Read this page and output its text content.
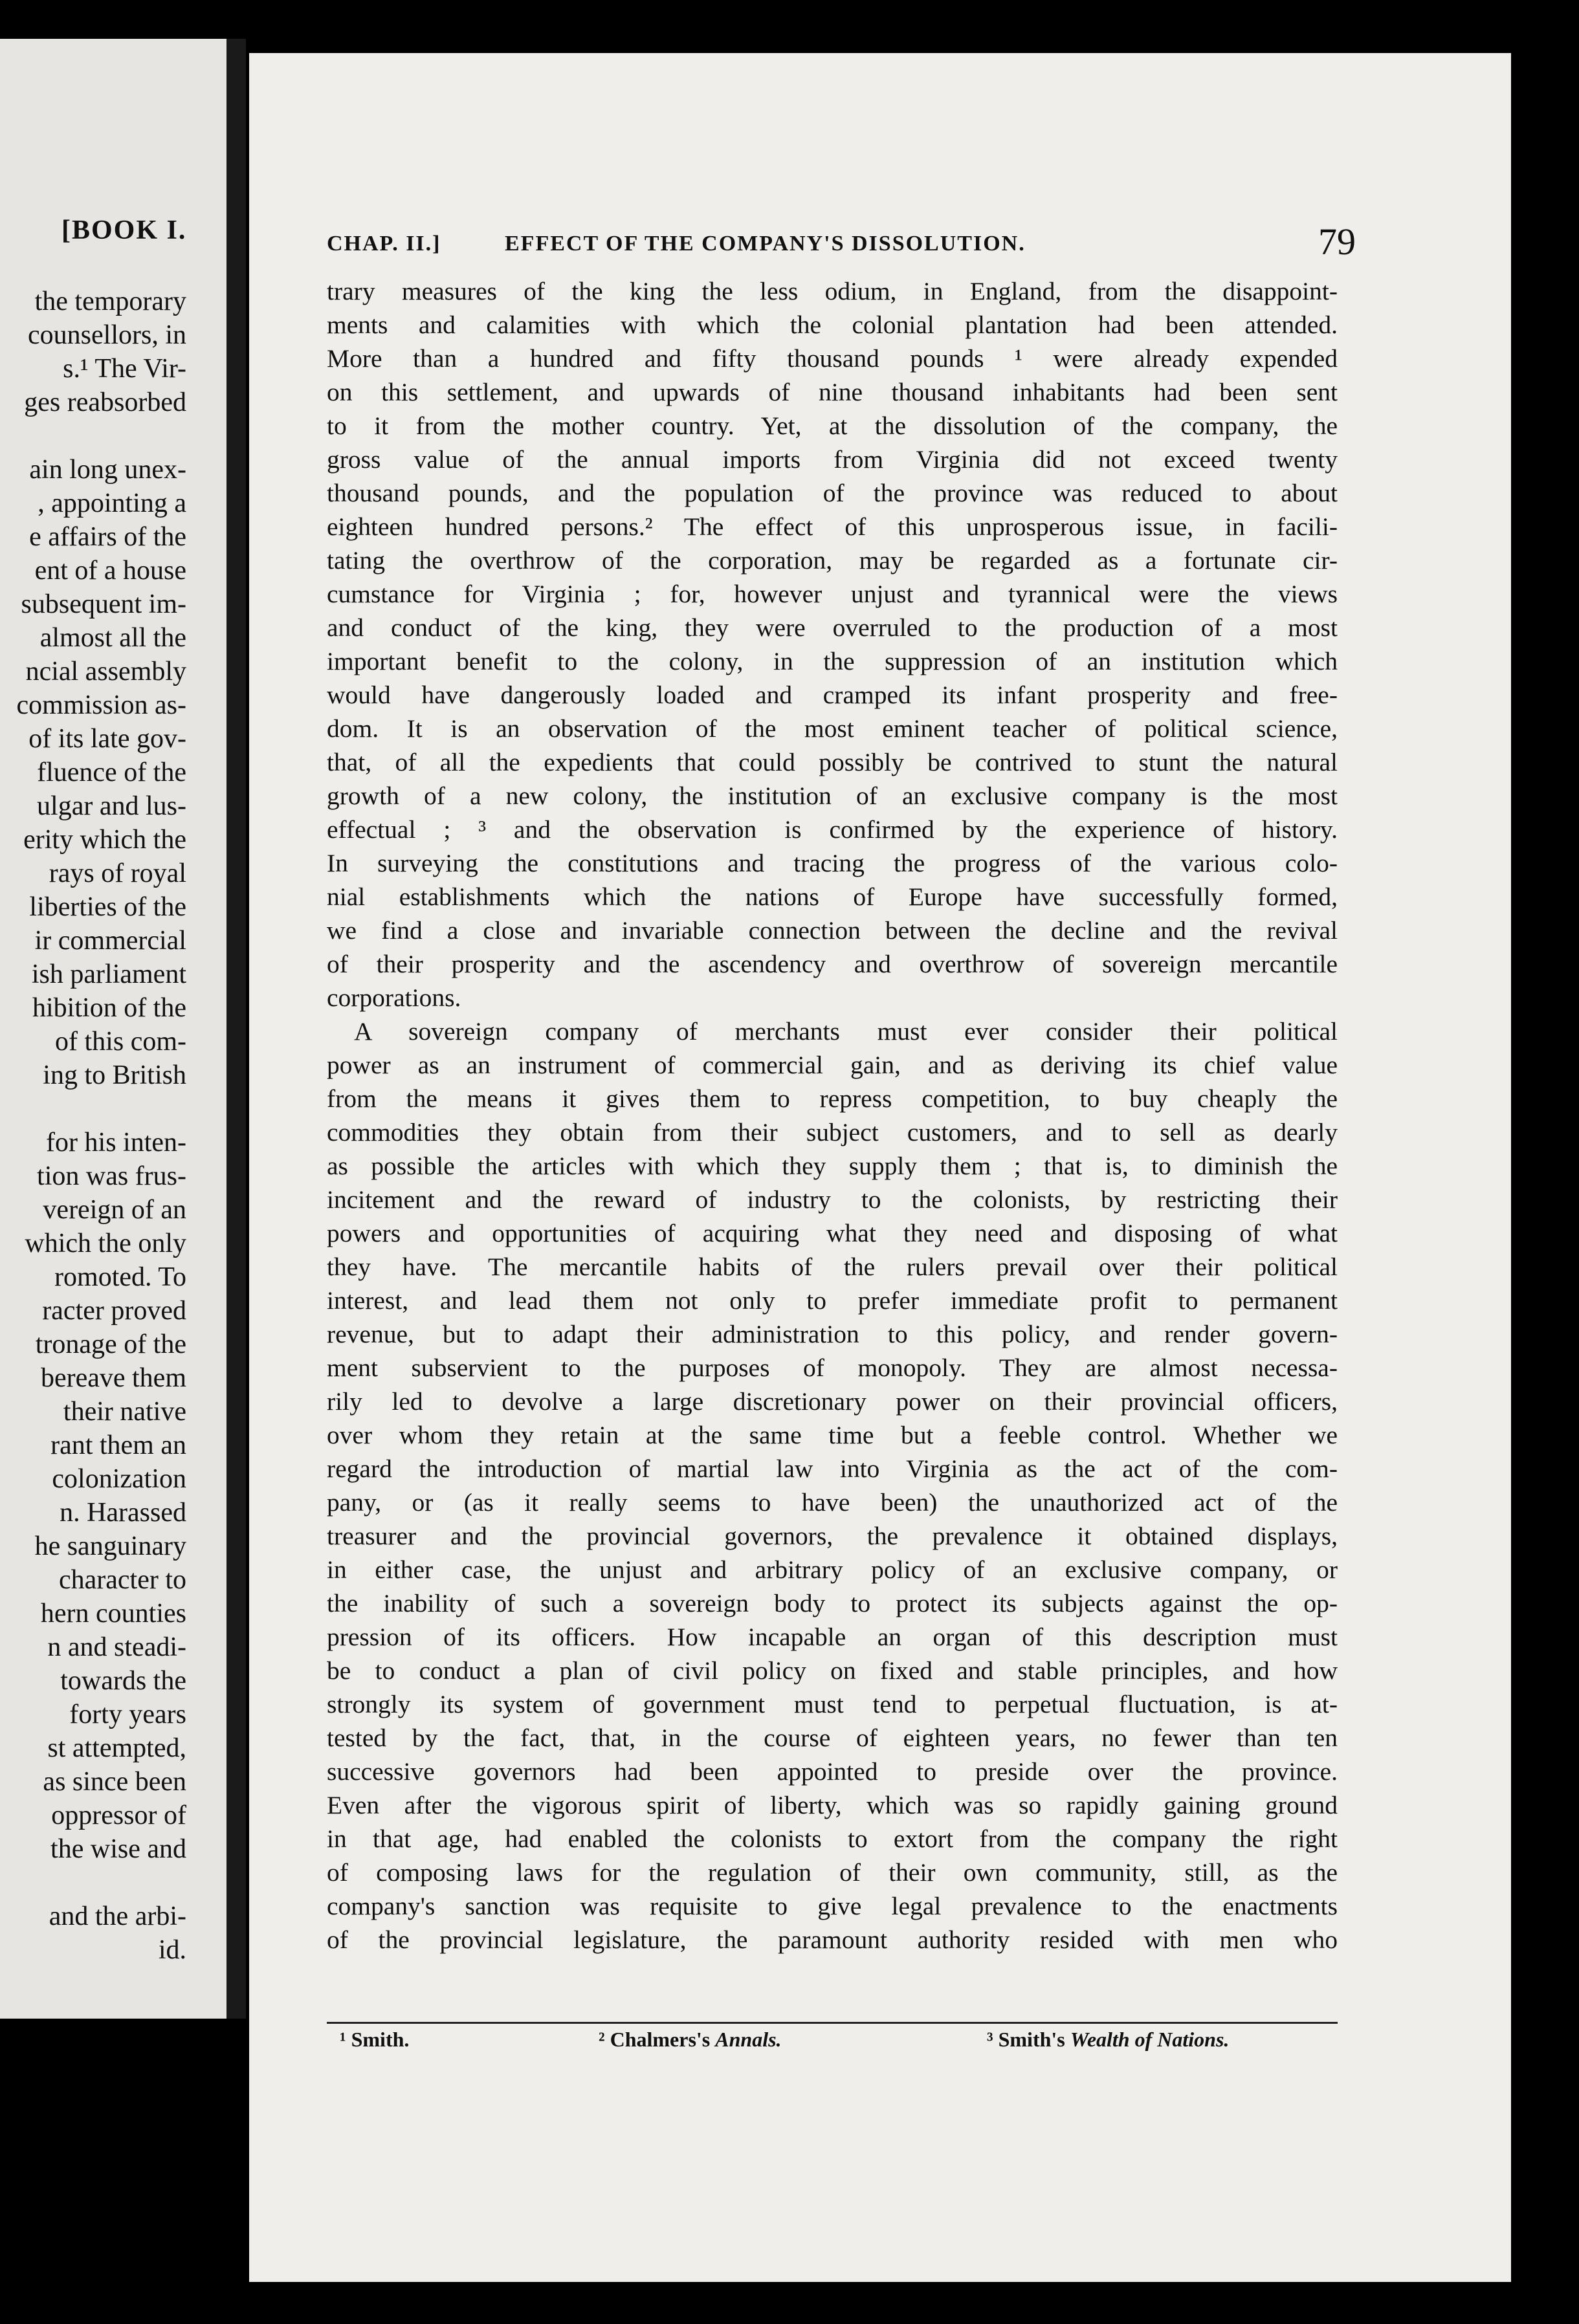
[BOOK I.
the temporary
counsellors, in
s.¹ The Vir-
ges reabsorbed
ain long unex-
, appointing a
e affairs of the
ent of a house
subsequent im-
almost all the
ncial assembly
commission as-
of its late gov-
fluence of the
ulgar and lus-
erity which the
rays of royal
liberties of the
ir commercial
ish parliament
hibition of the
of this com-
ing to British
for his inten-
tion was frus-
vereign of an
which the only
romoted. To
racter proved
tronage of the
bereave them
their native
rant them an
colonization
n. Harassed
he sanguinary
character to
hern counties
n and steadi-
towards the
forty years
st attempted,
as since been
oppressor of
the wise and
and the arbi-
id.
CHAP. II.]	EFFECT OF THE COMPANY'S DISSOLUTION.	79
trary measures of the king the less odium, in England, from the disappoint-
ments and calamities with which the colonial plantation had been attended.
More than a hundred and fifty thousand pounds ¹ were already expended
on this settlement, and upwards of nine thousand inhabitants had been sent
to it from the mother country. Yet, at the dissolution of the company, the
gross value of the annual imports from Virginia did not exceed twenty
thousand pounds, and the population of the province was reduced to about
eighteen hundred persons.² The effect of this unprosperous issue, in facili-
tating the overthrow of the corporation, may be regarded as a fortunate cir-
cumstance for Virginia ; for, however unjust and tyrannical were the views
and conduct of the king, they were overruled to the production of a most
important benefit to the colony, in the suppression of an institution which
would have dangerously loaded and cramped its infant prosperity and free-
dom. It is an observation of the most eminent teacher of political science,
that, of all the expedients that could possibly be contrived to stunt the natural
growth of a new colony, the institution of an exclusive company is the most
effectual ; ³ and the observation is confirmed by the experience of history.
In surveying the constitutions and tracing the progress of the various colo-
nial establishments which the nations of Europe have successfully formed,
we find a close and invariable connection between the decline and the revival
of their prosperity and the ascendency and overthrow of sovereign mercantile
corporations.
A sovereign company of merchants must ever consider their political
power as an instrument of commercial gain, and as deriving its chief value
from the means it gives them to repress competition, to buy cheaply the
commodities they obtain from their subject customers, and to sell as dearly
as possible the articles with which they supply them ; that is, to diminish the
incitement and the reward of industry to the colonists, by restricting their
powers and opportunities of acquiring what they need and disposing of what
they have. The mercantile habits of the rulers prevail over their political
interest, and lead them not only to prefer immediate profit to permanent
revenue, but to adapt their administration to this policy, and render govern-
ment subservient to the purposes of monopoly. They are almost necessa-
rily led to devolve a large discretionary power on their provincial officers,
over whom they retain at the same time but a feeble control. Whether we
regard the introduction of martial law into Virginia as the act of the com-
pany, or (as it really seems to have been) the unauthorized act of the
treasurer and the provincial governors, the prevalence it obtained displays,
in either case, the unjust and arbitrary policy of an exclusive company, or
the inability of such a sovereign body to protect its subjects against the op-
pression of its officers. How incapable an organ of this description must
be to conduct a plan of civil policy on fixed and stable principles, and how
strongly its system of government must tend to perpetual fluctuation, is at-
tested by the fact, that, in the course of eighteen years, no fewer than ten
successive governors had been appointed to preside over the province.
Even after the vigorous spirit of liberty, which was so rapidly gaining ground
in that age, had enabled the colonists to extort from the company the right
of composing laws for the regulation of their own community, still, as the
company's sanction was requisite to give legal prevalence to the enactments
of the provincial legislature, the paramount authority resided with men who
¹ Smith.	² Chalmers's Annals.	³ Smith's Wealth of Nations.
